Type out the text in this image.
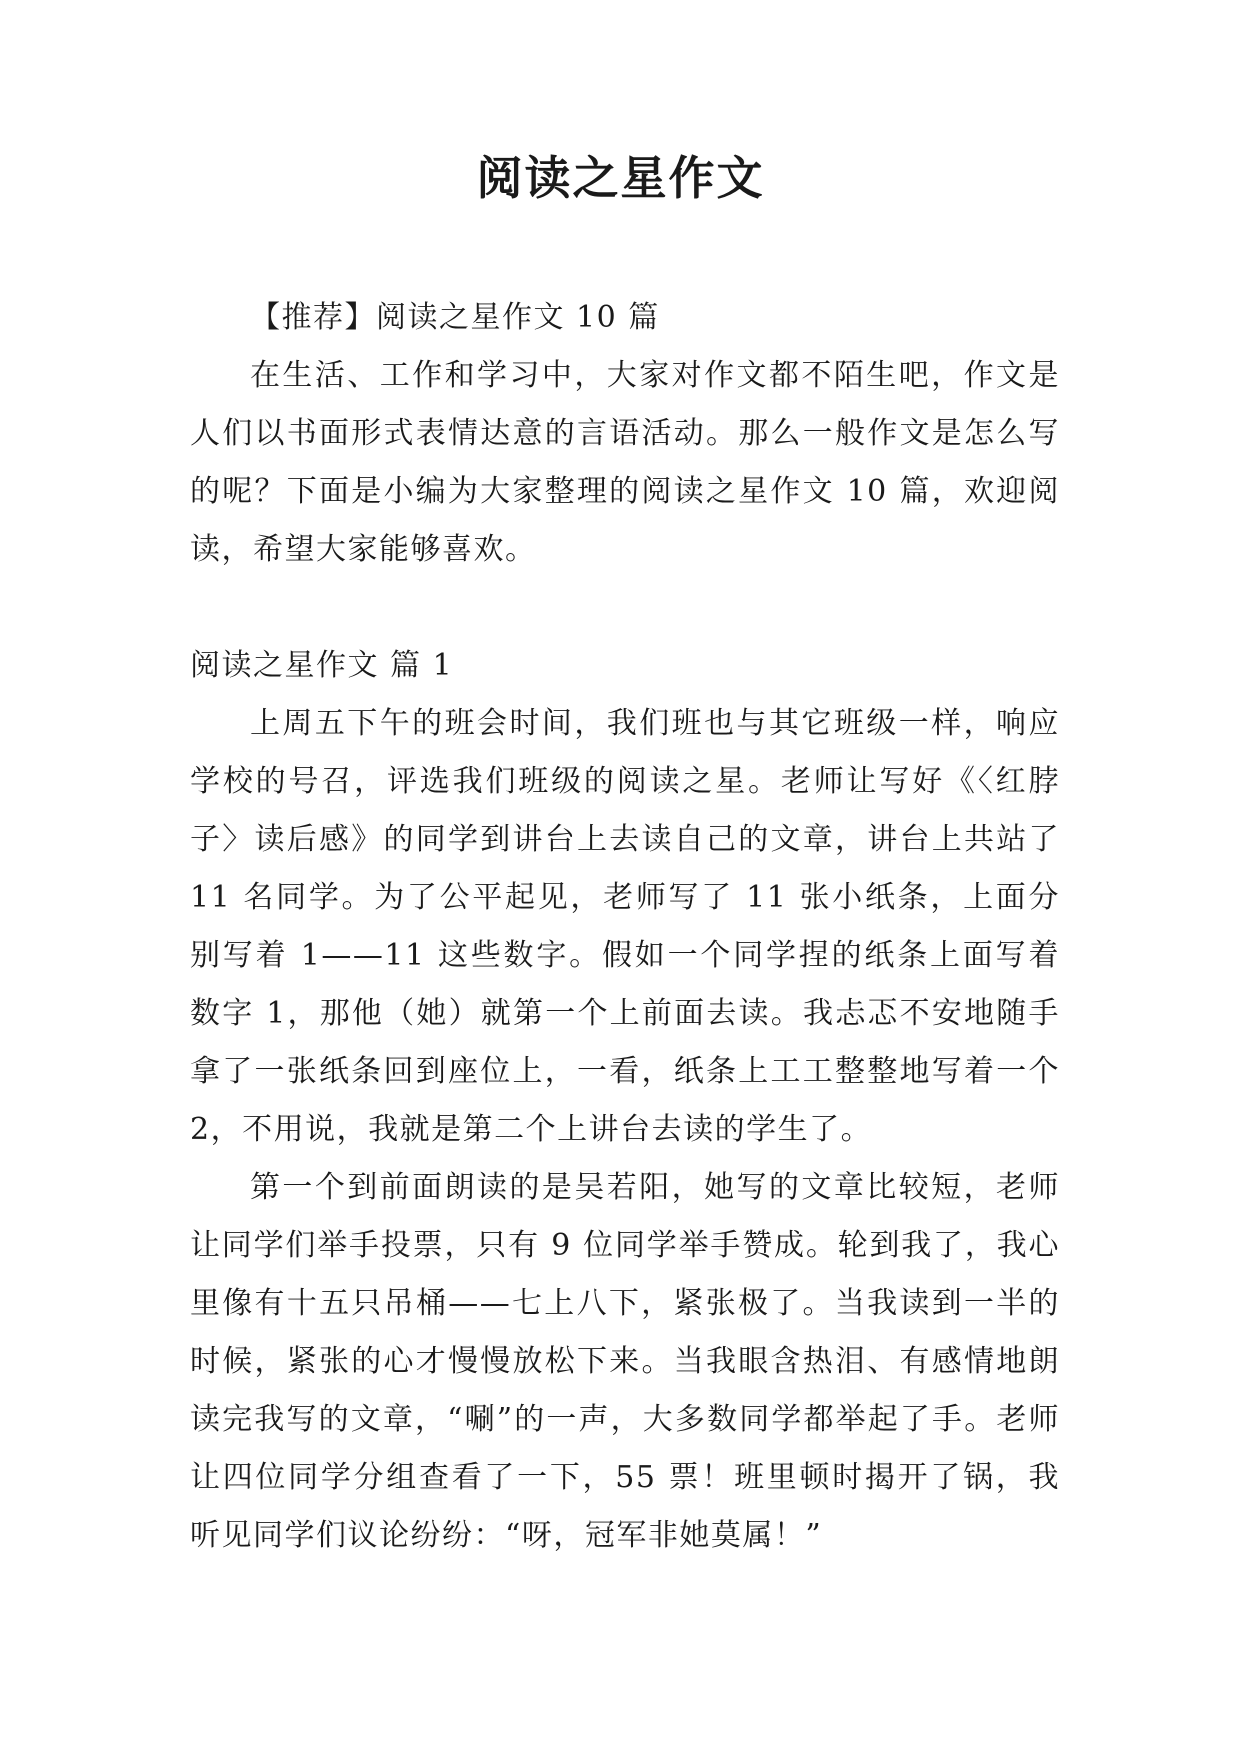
阅读之星作文

【推荐】阅读之星作文 10 篇

在生活、工作和学习中，大家对作文都不陌生吧，作文是人们以书面形式表情达意的言语活动。那么一般作文是怎么写的呢？下面是小编为大家整理的阅读之星作文 10 篇，欢迎阅读，希望大家能够喜欢。

阅读之星作文 篇 1

上周五下午的班会时间，我们班也与其它班级一样，响应学校的号召，评选我们班级的阅读之星。老师让写好《〈红脖子〉读后感》的同学到讲台上去读自己的文章，讲台上共站了 11 名同学。为了公平起见，老师写了 11 张小纸条，上面分别写着 1——11 这些数字。假如一个同学捏的纸条上面写着数字 1，那他（她）就第一个上前面去读。我忐忑不安地随手拿了一张纸条回到座位上，一看，纸条上工工整整地写着一个 2，不用说，我就是第二个上讲台去读的学生了。

第一个到前面朗读的是吴若阳，她写的文章比较短，老师让同学们举手投票，只有 9 位同学举手赞成。轮到我了，我心里像有十五只吊桶——七上八下，紧张极了。当我读到一半的时候，紧张的心才慢慢放松下来。当我眼含热泪、有感情地朗读完我写的文章，“唰”的一声，大多数同学都举起了手。老师让四位同学分组查看了一下，55 票！班里顿时揭开了锅，我听见同学们议论纷纷：“呀，冠军非她莫属！”
